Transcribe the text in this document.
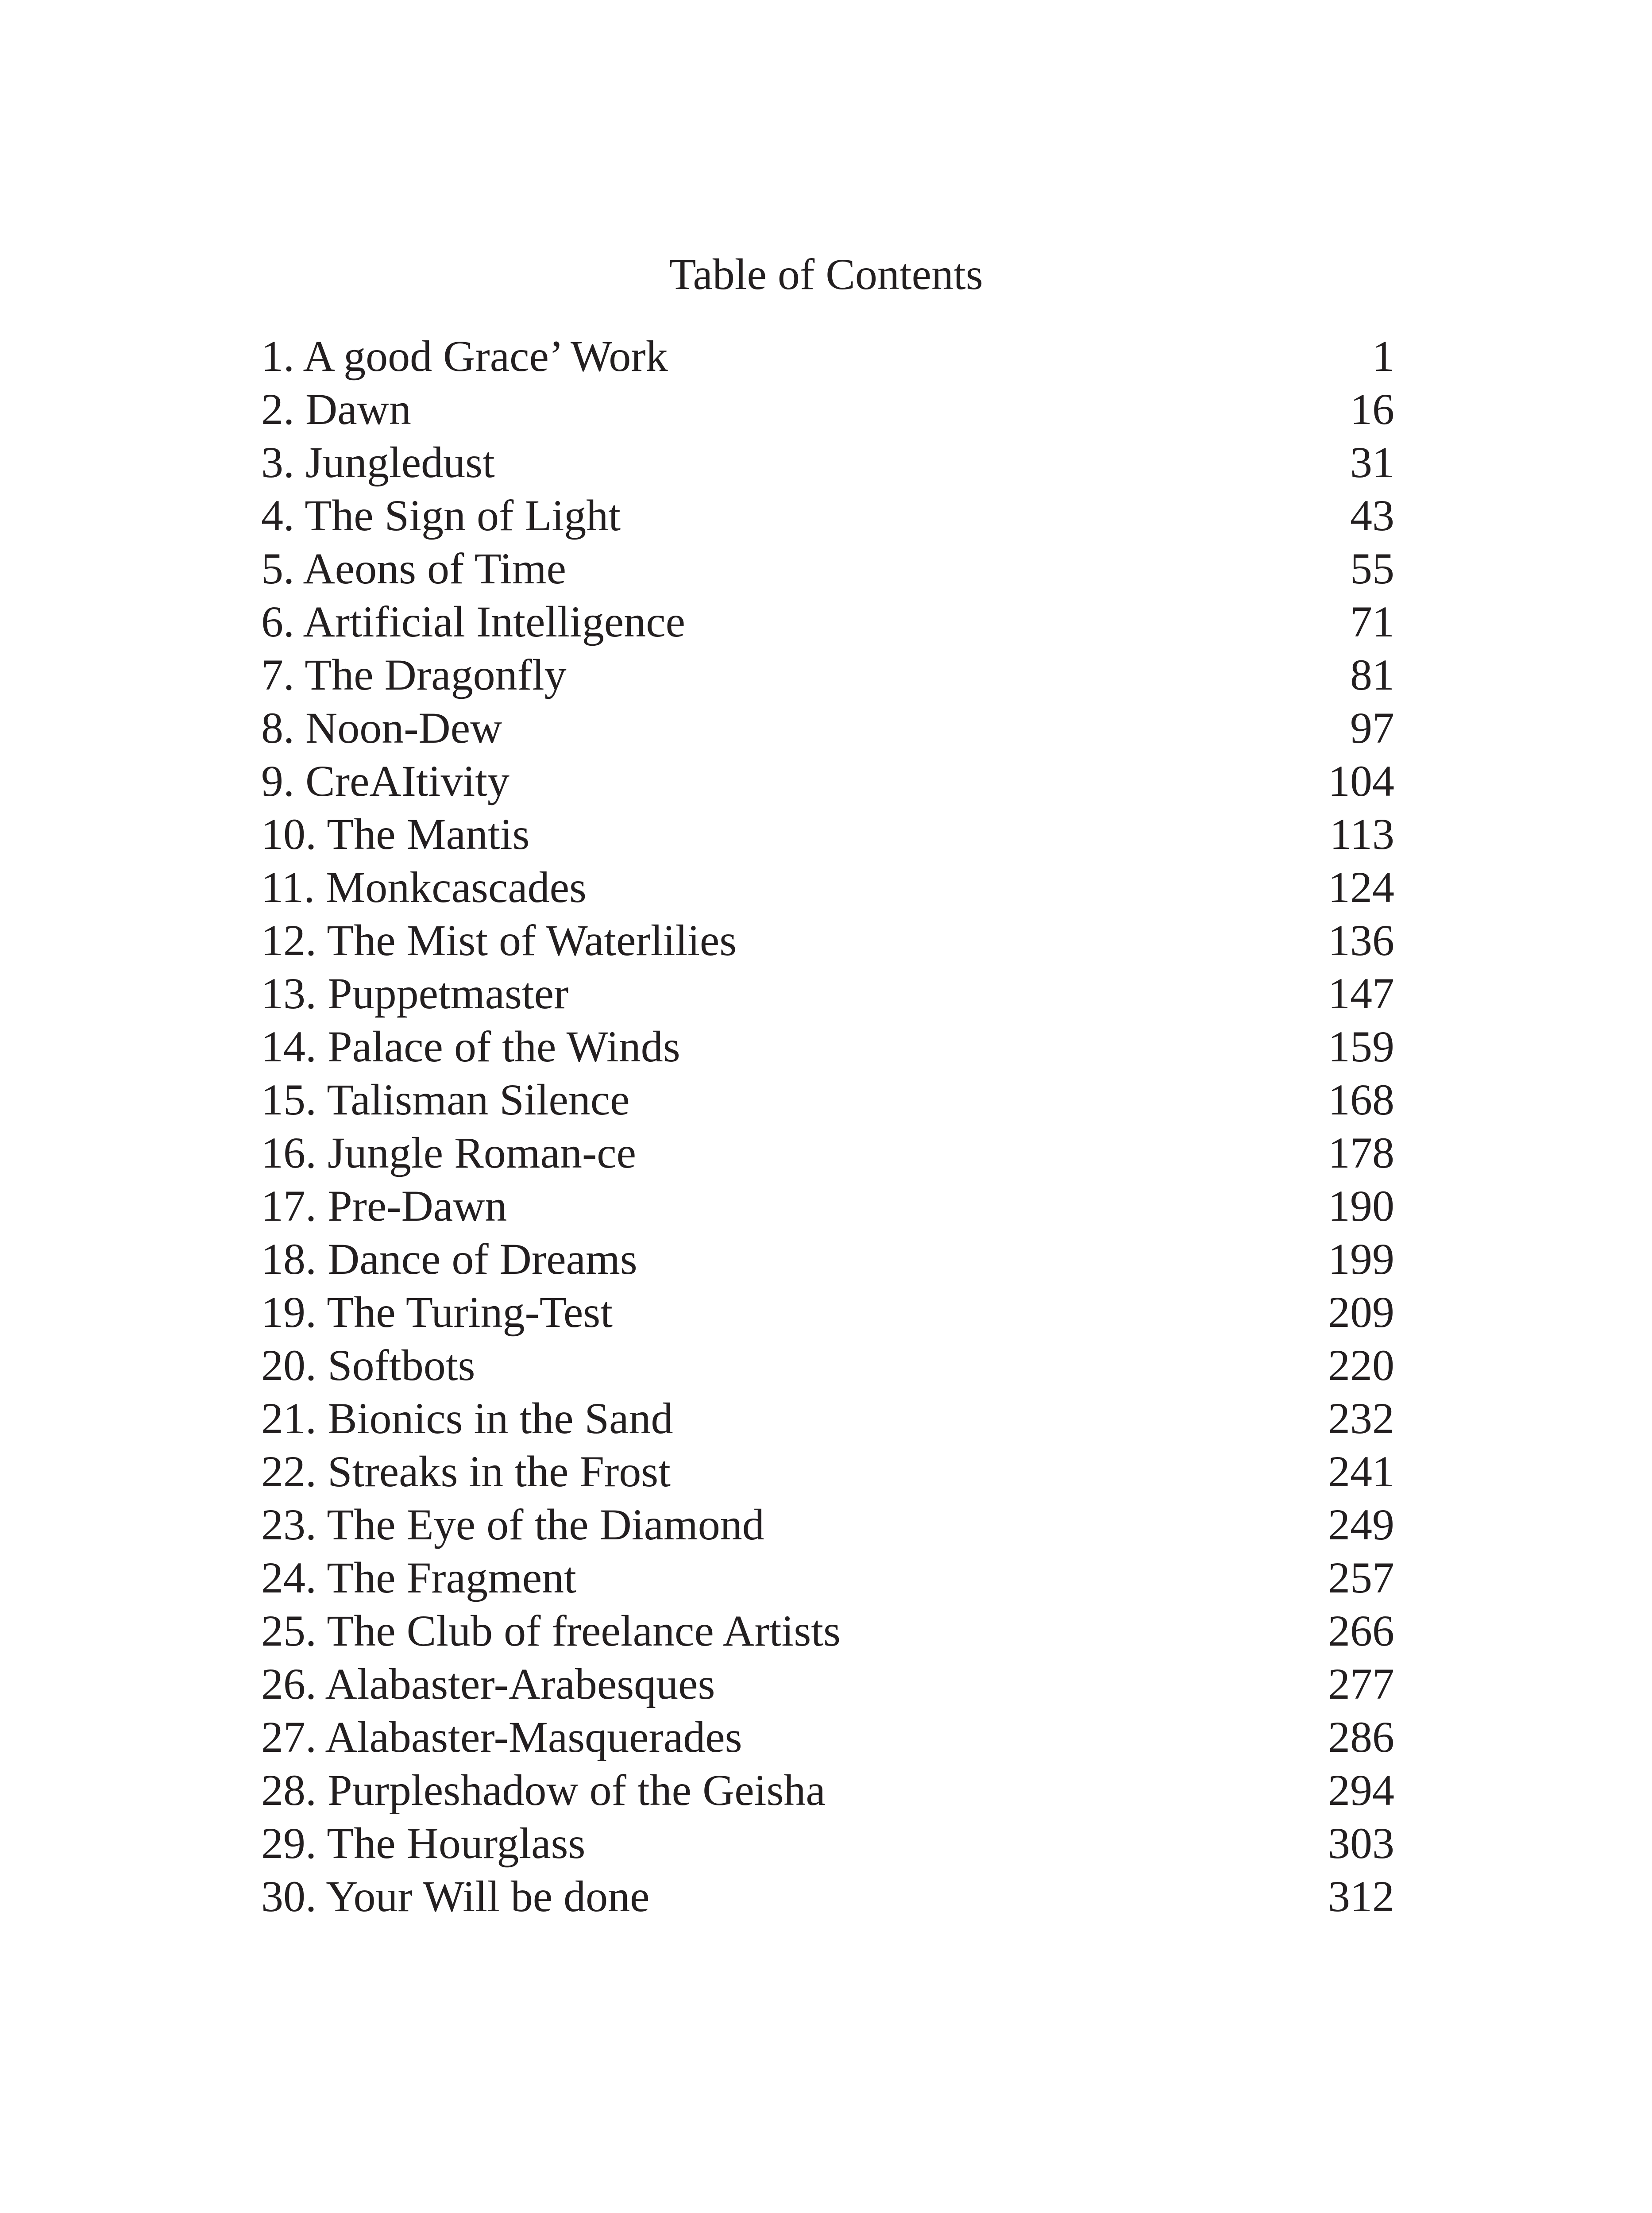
Table of Contents
1. A good Grace’ Work	1
2. Dawn	16
3. Jungledust	31
4. The Sign of Light	43
5. Aeons of Time	55
6. Artificial Intelligence	71
7. The Dragonfly	81
8. Noon-Dew	97
9. CreAItivity	104
10. The Mantis	113
11. Monkcascades	124
12. The Mist of Waterlilies	136
13. Puppetmaster	147
14. Palace of the Winds	159
15. Talisman Silence	168
16. Jungle Roman-ce	178
17. Pre-Dawn	190
18. Dance of Dreams	199
19. The Turing-Test	209
20. Softbots	220
21. Bionics in the Sand	232
22. Streaks in the Frost	241
23. The Eye of the Diamond	249
24. The Fragment	257
25. The Club of freelance Artists	266
26. Alabaster-Arabesques	277
27. Alabaster-Masquerades	286
28. Purpleshadow of the Geisha	294
29. The Hourglass	303
30. Your Will be done	312
